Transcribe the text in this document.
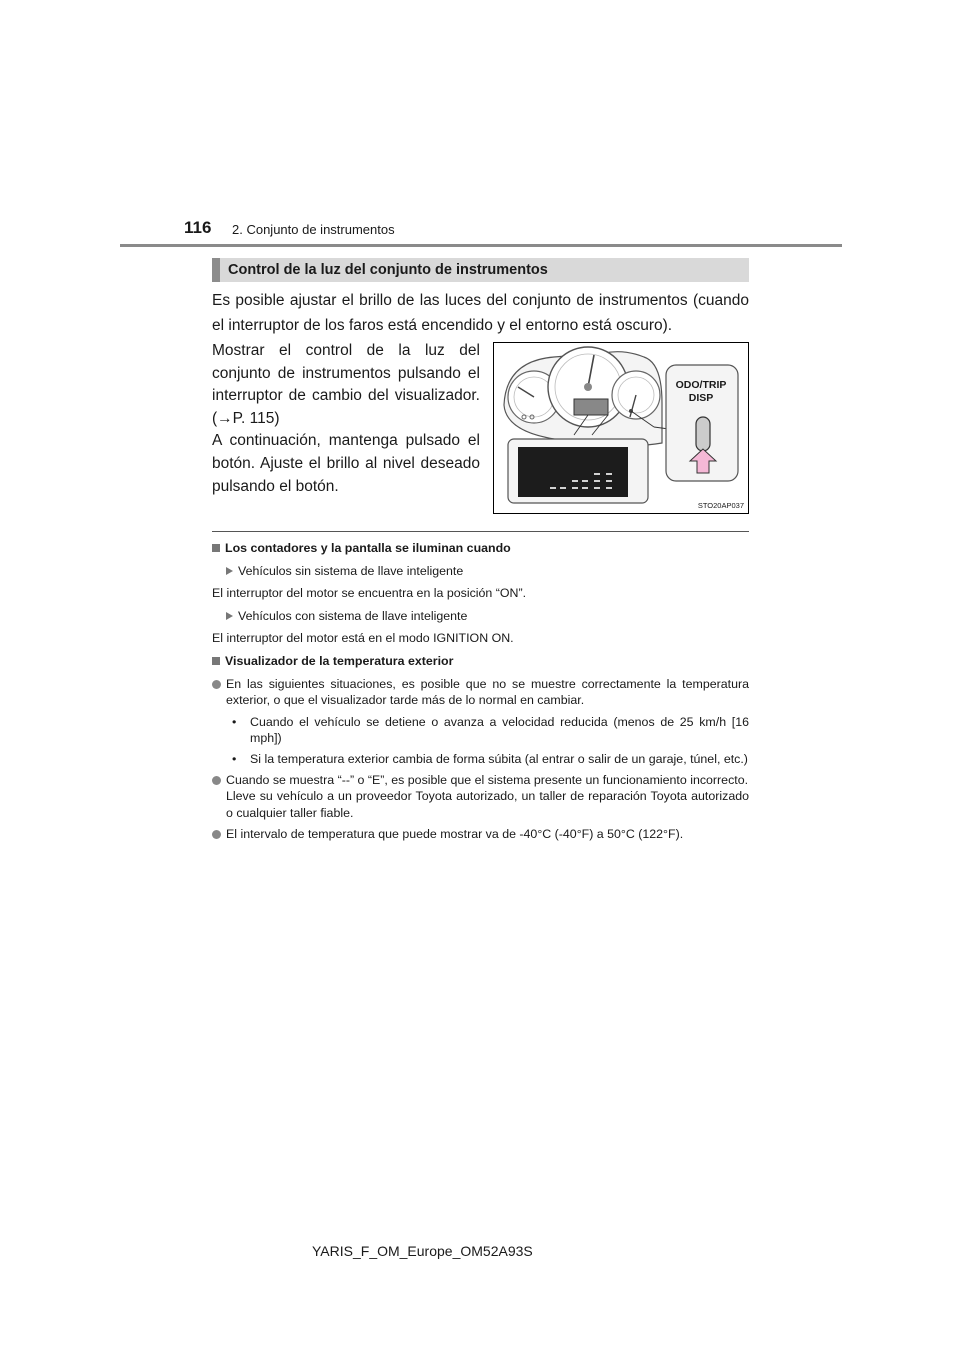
116 2. Conjunto de instrumentos
Control de la luz del conjunto de instrumentos
Es posible ajustar el brillo de las luces del conjunto de instrumentos (cuando el interruptor de los faros está encendido y el entorno está oscuro).

Mostrar el control de la luz del conjunto de instrumentos pulsando el interruptor de cambio del visualizador. (→P. 115)

A continuación, mantenga pulsado el botón. Ajuste el brillo al nivel deseado pulsando el botón.

ODO/TRIP
DISP
STO20AP037

Los contadores y la pantalla se iluminan cuando

Vehículos sin sistema de llave inteligente

El interruptor del motor se encuentra en la posición “ON”.

Vehículos con sistema de llave inteligente

El interruptor del motor está en el modo IGNITION ON.

Visualizador de la temperatura exterior

En las siguientes situaciones, es posible que no se muestre correctamente la temperatura exterior, o que el visualizador tarde más de lo normal en cambiar.

• Cuando el vehículo se detiene o avanza a velocidad reducida (menos de 25 km/h [16 mph])

• Si la temperatura exterior cambia de forma súbita (al entrar o salir de un garaje, túnel, etc.)

Cuando se muestra “--” o “E”, es posible que el sistema presente un funcionamiento incorrecto.

Lleve su vehículo a un proveedor Toyota autorizado, un taller de reparación Toyota autorizado o cualquier taller fiable.

El intervalo de temperatura que puede mostrar va de -40°C (-40°F) a 50°C (122°F).

YARIS_F_OM_Europe_OM52A93S
